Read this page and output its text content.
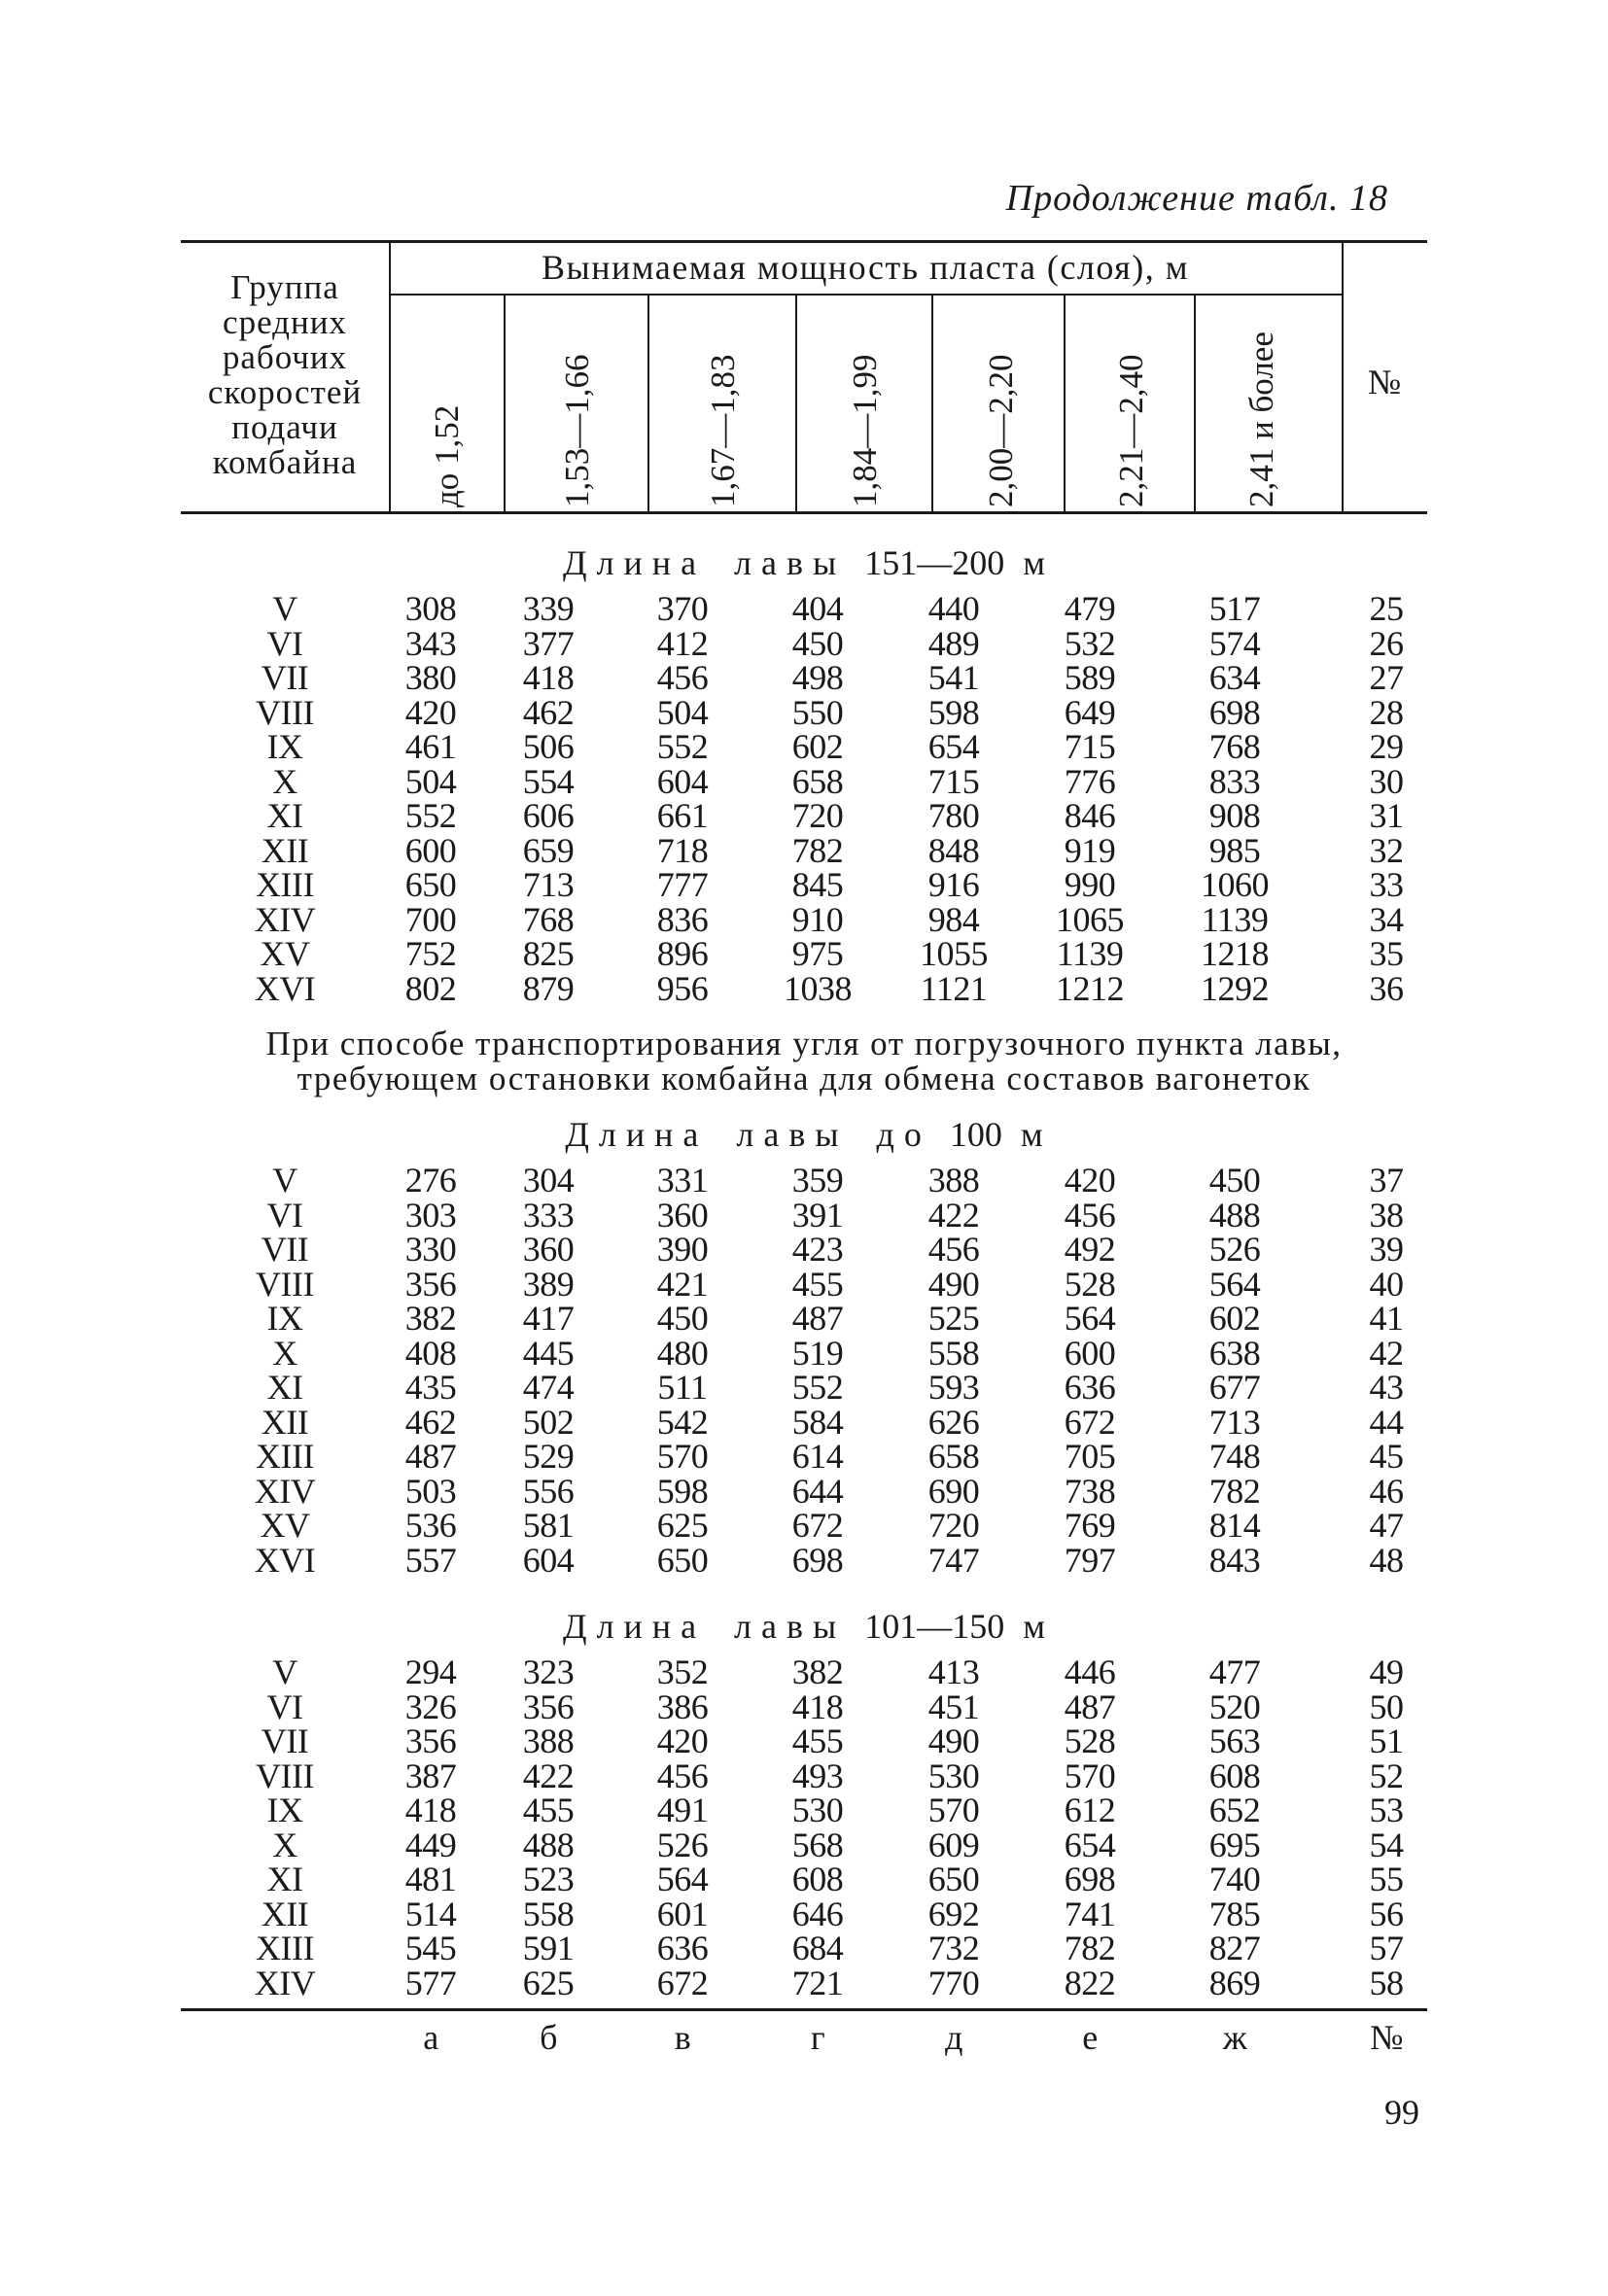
Продолжение табл. 18
Группа
средних
рабочих
скоростей
подачи
комбайна
Вынимаемая мощность пласта (слоя), м
до 1,52	1,53—1,66	1,67—1,83	1,84—1,99	2,00—2,20	2,21—2,40	2,41 и более	№
Длина лавы 151—200 м
V	308	339	370	404	440	479	517	25
VI	343	377	412	450	489	532	574	26
VII	380	418	456	498	541	589	634	27
VIII	420	462	504	550	598	649	698	28
IX	461	506	552	602	654	715	768	29
X	504	554	604	658	715	776	833	30
XI	552	606	661	720	780	846	908	31
XII	600	659	718	782	848	919	985	32
XIII	650	713	777	845	916	990	1060	33
XIV	700	768	836	910	984	1065	1139	34
XV	752	825	896	975	1055	1139	1218	35
XVI	802	879	956	1038	1121	1212	1292	36
При способе транспортирования угля от погрузочного пункта лавы,
требующем остановки комбайна для обмена составов вагонеток
Длина лавы до 100 м
V	276	304	331	359	388	420	450	37
VI	303	333	360	391	422	456	488	38
VII	330	360	390	423	456	492	526	39
VIII	356	389	421	455	490	528	564	40
IX	382	417	450	487	525	564	602	41
X	408	445	480	519	558	600	638	42
XI	435	474	511	552	593	636	677	43
XII	462	502	542	584	626	672	713	44
XIII	487	529	570	614	658	705	748	45
XIV	503	556	598	644	690	738	782	46
XV	536	581	625	672	720	769	814	47
XVI	557	604	650	698	747	797	843	48
Длина лавы 101—150 м
V	294	323	352	382	413	446	477	49
VI	326	356	386	418	451	487	520	50
VII	356	388	420	455	490	528	563	51
VIII	387	422	456	493	530	570	608	52
IX	418	455	491	530	570	612	652	53
X	449	488	526	568	609	654	695	54
XI	481	523	564	608	650	698	740	55
XII	514	558	601	646	692	741	785	56
XIII	545	591	636	684	732	782	827	57
XIV	577	625	672	721	770	822	869	58
а	б	в	г	д	е	ж	№
99
